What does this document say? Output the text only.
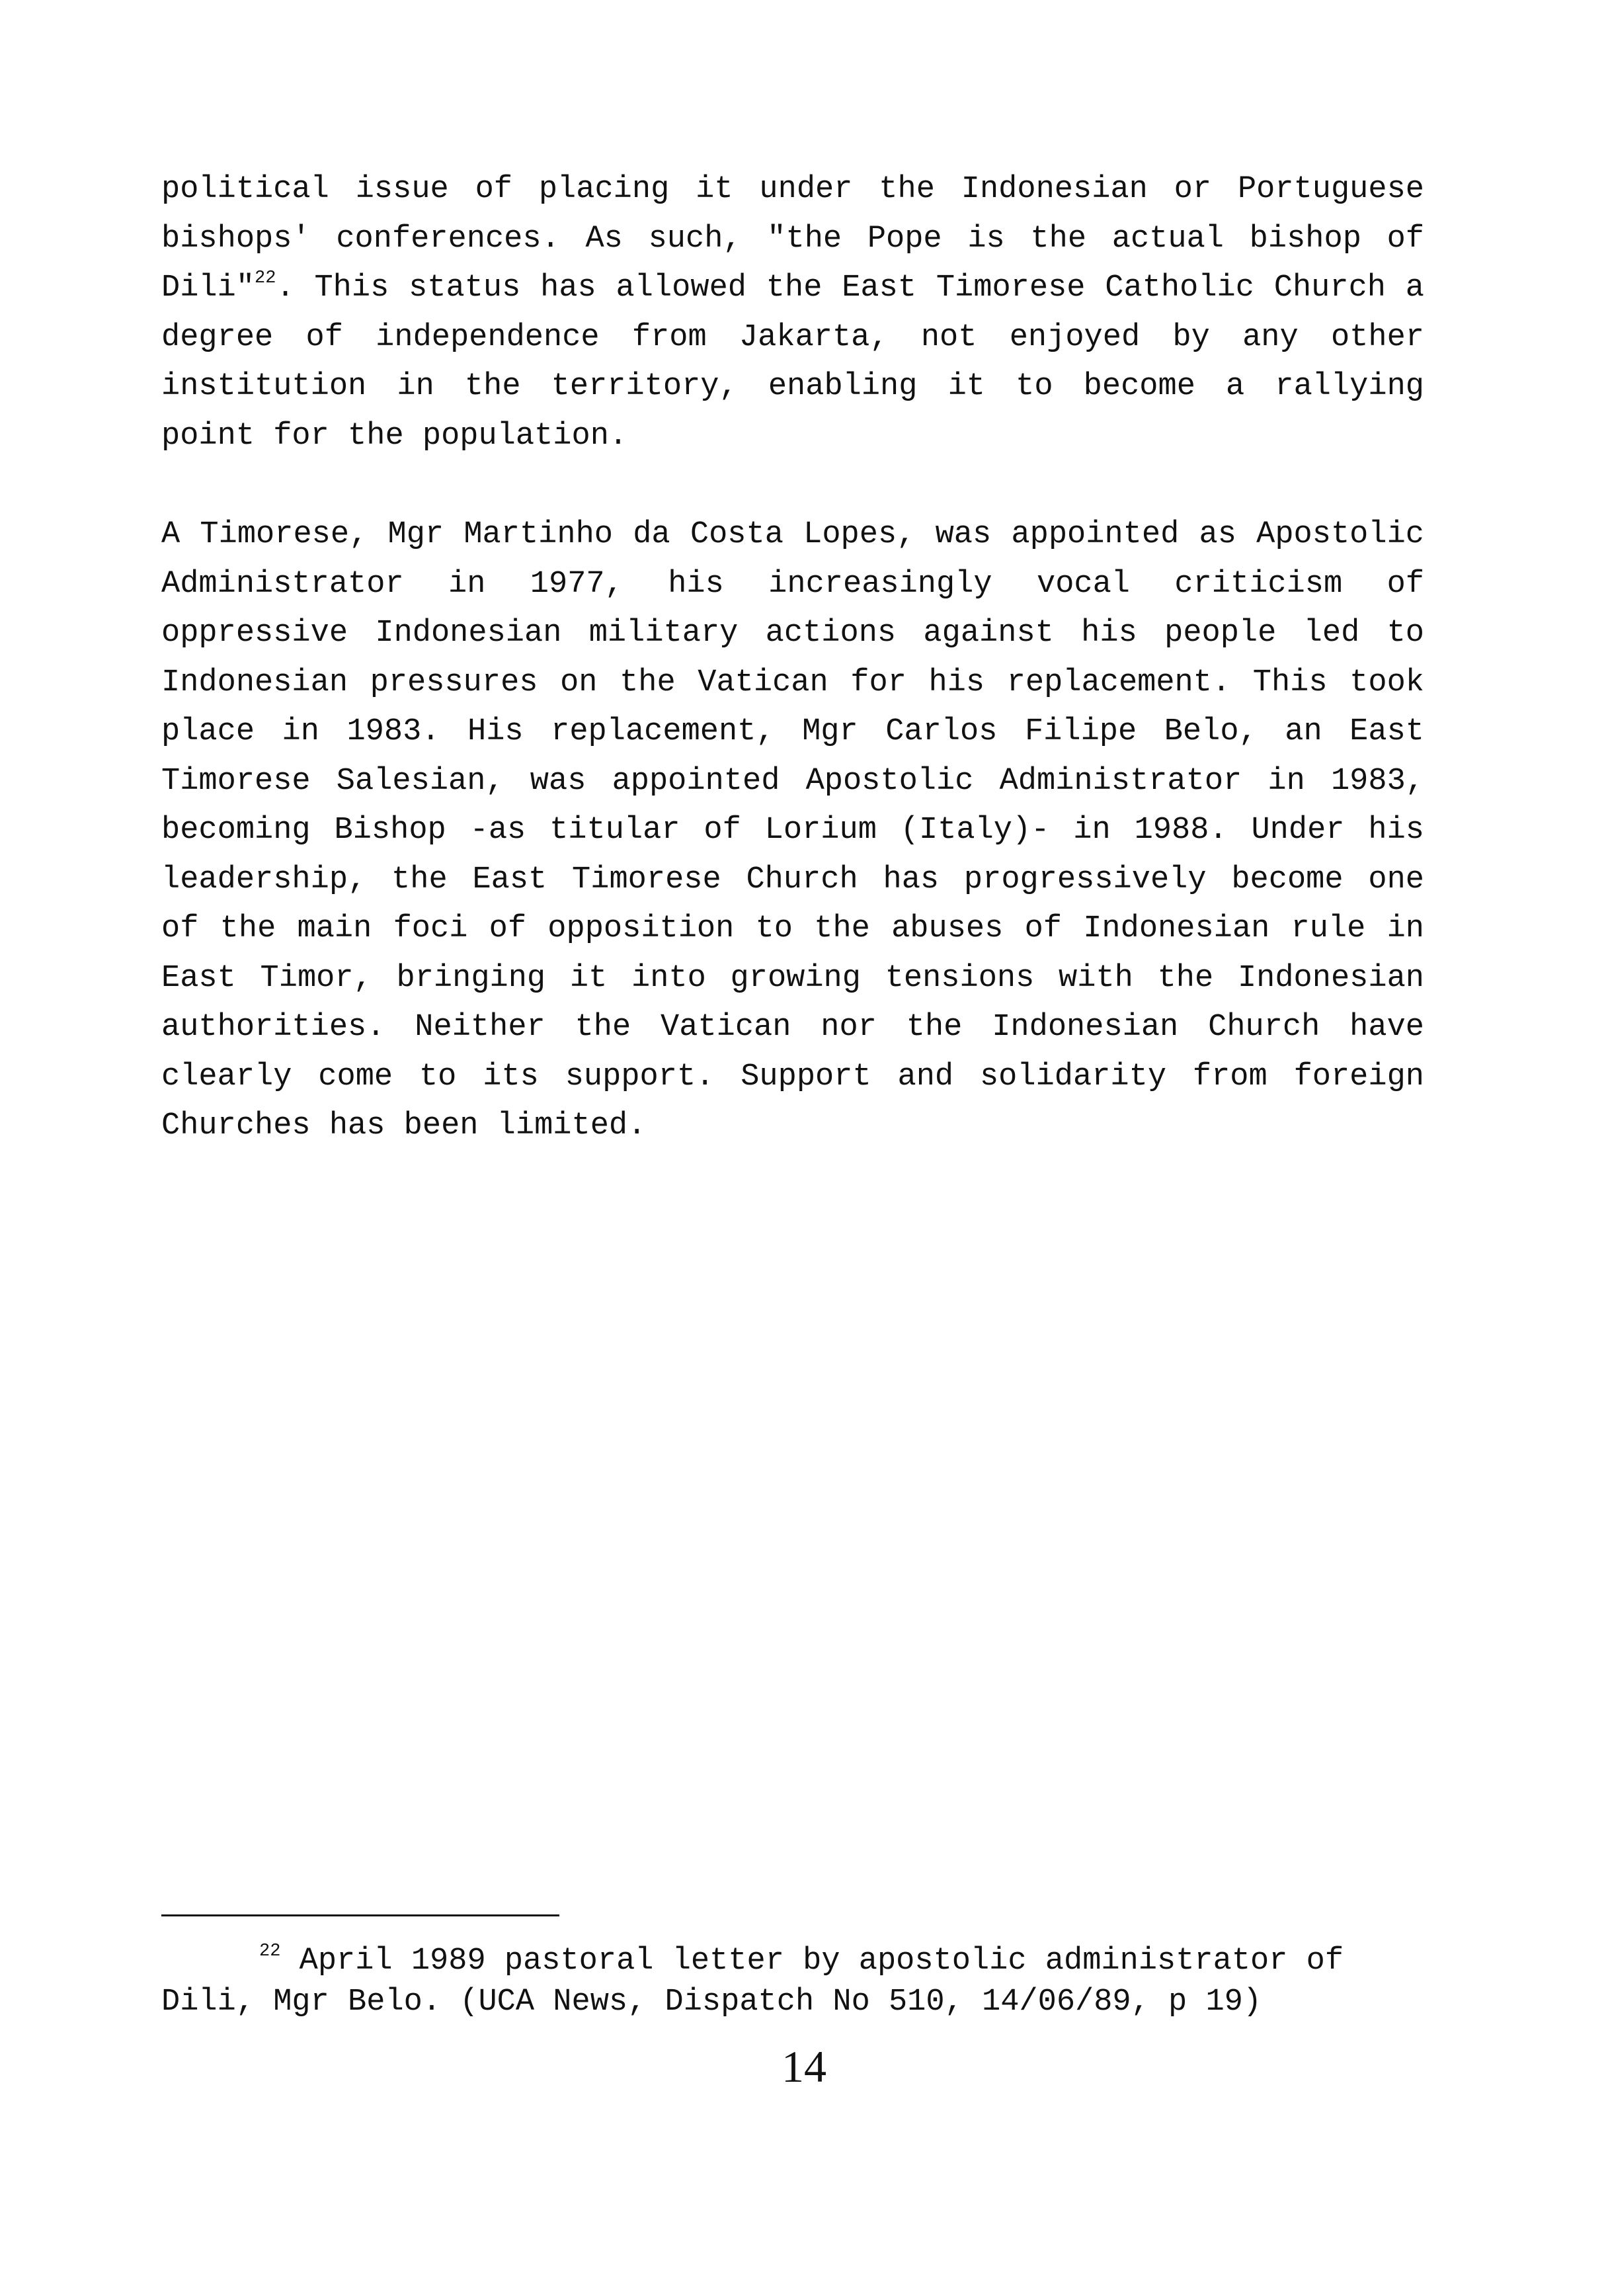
political issue of placing it under the Indonesian or Portuguese bishops' conferences. As such, "the Pope is the actual bishop of Dili"$^{22}$. This status has allowed the East Timorese Catholic Church a degree of independence from Jakarta, not enjoyed by any other institution in the territory, enabling it to become a rallying point for the population.

A Timorese, Mgr Martinho da Costa Lopes, was appointed as Apostolic Administrator in 1977, his increasingly vocal criticism of oppressive Indonesian military actions against his people led to Indonesian pressures on the Vatican for his replacement. This took place in 1983. His replacement, Mgr Carlos Filipe Belo, an East Timorese Salesian, was appointed Apostolic Administrator in 1983, becoming Bishop -as titular of Lorium (Italy)- in 1988. Under his leadership, the East Timorese Church has progressively become one of the main foci of opposition to the abuses of Indonesian rule in East Timor, bringing it into growing tensions with the Indonesian authorities. Neither the Vatican nor the Indonesian Church have clearly come to its support. Support and solidarity from foreign Churches has been limited.

$^{22}$ April 1989 pastoral letter by apostolic administrator of Dili, Mgr Belo. (UCA News, Dispatch No 510, 14/06/89, p 19)

14
